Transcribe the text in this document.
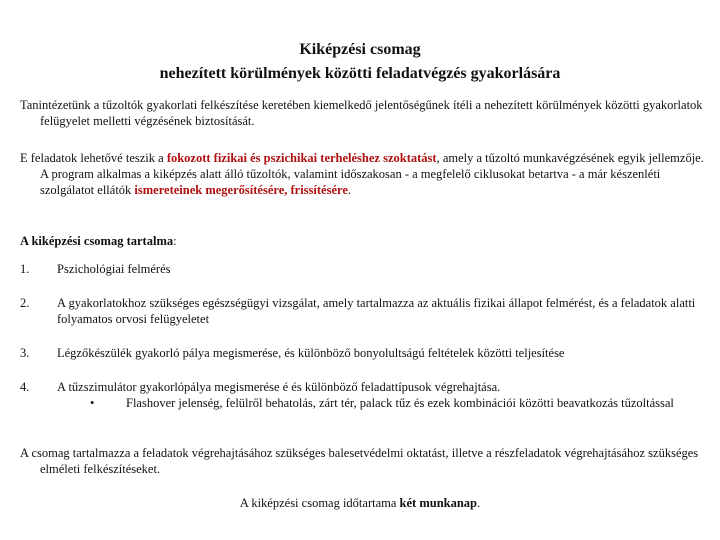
Kiképzési csomag
nehezített körülmények közötti feladatvégzés gyakorlására
Tanintézetünk a tűzoltók gyakorlati felkészítése keretében kiemelkedő jelentőségűnek ítéli a nehezített körülmények közötti gyakorlatok felügyelet melletti végzésének biztosítását.
E feladatok lehetővé teszik a fokozott fizikai és pszichikai terheléshez szoktatást, amely a tűzoltó munkavégzésének egyik jellemzője. A program alkalmas a kiképzés alatt álló tűzoltók, valamint időszakosan - a megfelelő ciklusokat betartva - a már készenléti szolgálatot ellátók ismereteinek megerősítésére, frissítésére.
A kiképzési csomag tartalma:
1.	Pszichológiai felmérés
2.	A gyakorlatokhoz szükséges egészségügyi vizsgálat, amely tartalmazza az aktuális fizikai állapot felmérést, és a feladatok alatti folyamatos orvosi felügyeletet
3.	Légzőkészülék gyakorló pálya megismerése, és különböző bonyolultságú feltételek közötti teljesítése
4.	A tűzszimulátor gyakorlópálya megismerése é és különböző feladattípusok végrehajtása.
•	Flashover jelenség, felülről behatolás, zárt tér, palack tűz és ezek kombinációi közötti beavatkozás tűzoltással
A csomag tartalmazza a feladatok végrehajtásához szükséges balesetvédelmi oktatást, illetve a részfeladatok végrehajtásához szükséges elméleti felkészítéseket.
A kiképzési csomag időtartama két munkanap.
